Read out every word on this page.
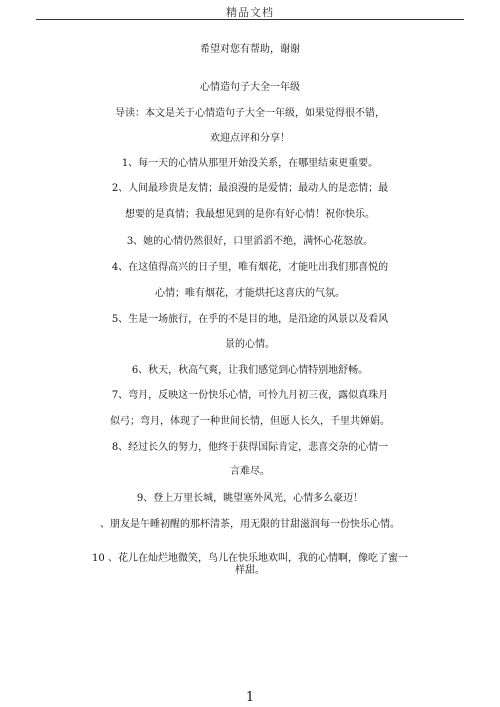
精品文档
希望对您有帮助，谢谢
心情造句子大全一年级
导读：本文是关于心情造句子大全一年级，如果觉得很不错，
欢迎点评和分享！
1、每一天的心情从那里开始没关系，在哪里结束更重要。
2、人间最珍贵是友情；最浪漫的是爱情；最动人的是恋情；最
想要的是真情；我最想见到的是你有好心情！祝你快乐。
3、她的心情仍然很好，口里滔滔不绝，满怀心花怒放。
4、在这值得高兴的日子里，唯有烟花，才能吐出我们那喜悦的
心情；唯有烟花，才能烘托这喜庆的气氛。
5、生是一场旅行，在乎的不是目的地，是沿途的风景以及看风
景的心情。
6、秋天，秋高气爽，让我们感觉到心情特别地舒畅。
7、弯月，反映这一份快乐心情，可怜九月初三夜，露似真珠月
似弓；弯月，体现了一种世间长情，但愿人长久，千里共婵娟。
8、经过长久的努力，他终于获得国际肯定，悲喜交杂的心情一
言难尽。
9、登上万里长城，眺望塞外风光，心情多么豪迈！
、朋友是午睡初醒的那杯清茶，用无限的甘甜滋润每一份快乐心情。
10 、花儿在灿烂地微笑，鸟儿在快乐地欢叫，我的心情啊，像吃了蜜一
样甜。
1
